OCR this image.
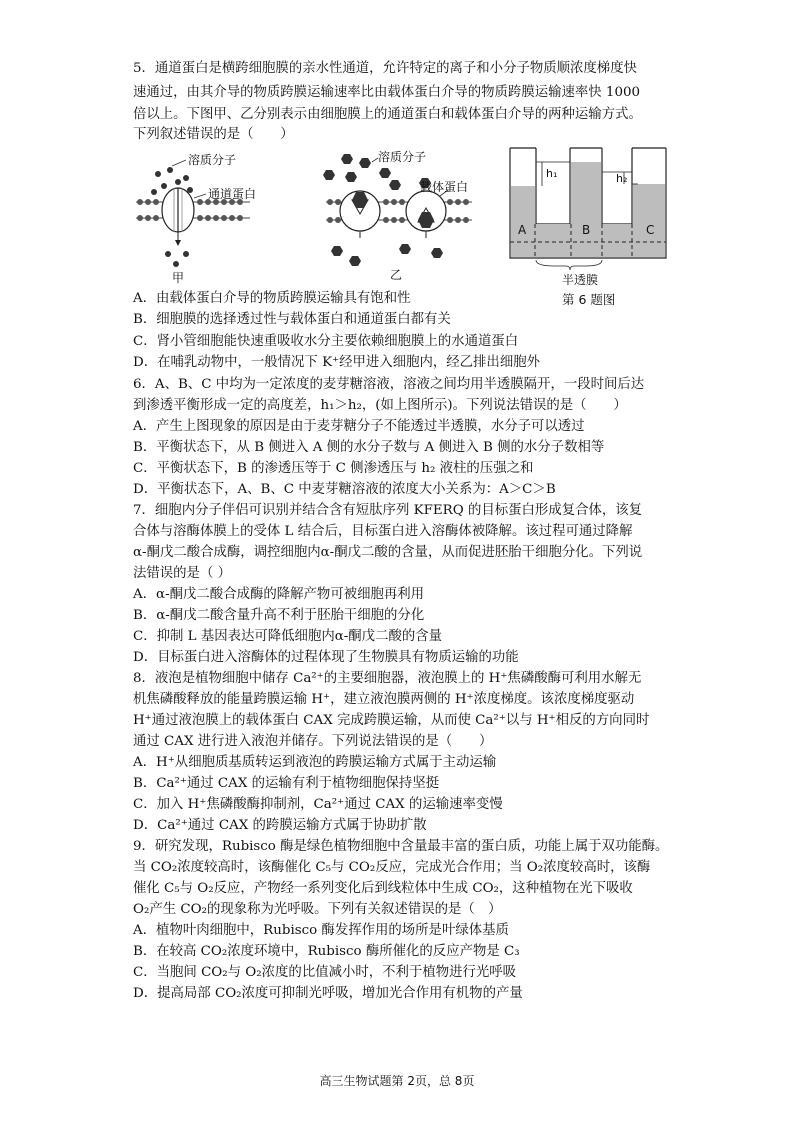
5．通道蛋白是横跨细胞膜的亲水性通道，允许特定的离子和小分子物质顺浓度梯度快
速通过，由其介导的物质跨膜运输速率比由载体蛋白介导的物质跨膜运输速率快 1000
倍以上。下图甲、乙分别表示由细胞膜上的通道蛋白和载体蛋白介导的两种运输方式。
下列叙述错误的是（　　）
溶质分子
通道蛋白
甲
溶质分子
载体蛋白
乙
h₁	h₂
A	B	C
半透膜
第 6 题图
A．由载体蛋白介导的物质跨膜运输具有饱和性
B．细胞膜的选择透过性与载体蛋白和通道蛋白都有关
C．肾小管细胞能快速重吸收水分主要依赖细胞膜上的水通道蛋白
D．在哺乳动物中，一般情况下 K⁺经甲进入细胞内，经乙排出细胞外
6．A、B、C 中均为一定浓度的麦芽糖溶液，溶液之间均用半透膜隔开，一段时间后达
到渗透平衡形成一定的高度差，h₁＞h₂，(如上图所示)。下列说法错误的是（　　）
A．产生上图现象的原因是由于麦芽糖分子不能透过半透膜，水分子可以透过
B．平衡状态下，从 B 侧进入 A 侧的水分子数与 A 侧进入 B 侧的水分子数相等
C．平衡状态下，B 的渗透压等于 C 侧渗透压与 h₂ 液柱的压强之和
D．平衡状态下，A、B、C 中麦芽糖溶液的浓度大小关系为：A＞C＞B
7．细胞内分子伴侣可识别并结合含有短肽序列 KFERQ 的目标蛋白形成复合体，该复
合体与溶酶体膜上的受体 L 结合后，目标蛋白进入溶酶体被降解。该过程可通过降解
α-酮戊二酸合成酶，调控细胞内α-酮戊二酸的含量，从而促进胚胎干细胞分化。下列说
法错误的是（ ）
A．α-酮戊二酸合成酶的降解产物可被细胞再利用
B．α-酮戊二酸含量升高不利于胚胎干细胞的分化
C．抑制 L 基因表达可降低细胞内α-酮戊二酸的含量
D．目标蛋白进入溶酶体的过程体现了生物膜具有物质运输的功能
8．液泡是植物细胞中储存 Ca²⁺的主要细胞器，液泡膜上的 H⁺焦磷酸酶可利用水解无
机焦磷酸释放的能量跨膜运输 H⁺，建立液泡膜两侧的 H⁺浓度梯度。该浓度梯度驱动
H⁺通过液泡膜上的载体蛋白 CAX 完成跨膜运输，从而使 Ca²⁺以与 H⁺相反的方向同时
通过 CAX 进行进入液泡并储存。下列说法错误的是（　　）
A．H⁺从细胞质基质转运到液泡的跨膜运输方式属于主动运输
B．Ca²⁺通过 CAX 的运输有利于植物细胞保持坚挺
C．加入 H⁺焦磷酸酶抑制剂，Ca²⁺通过 CAX 的运输速率变慢
D．Ca²⁺通过 CAX 的跨膜运输方式属于协助扩散
9．研究发现，Rubisco 酶是绿色植物细胞中含量最丰富的蛋白质，功能上属于双功能酶。
当 CO₂浓度较高时，该酶催化 C₅与 CO₂反应，完成光合作用；当 O₂浓度较高时，该酶
催化 C₅与 O₂反应，产物经一系列变化后到线粒体中生成 CO₂，这种植物在光下吸收
O₂产生 CO₂的现象称为光呼吸。下列有关叙述错误的是（　）
A．植物叶肉细胞中，Rubisco 酶发挥作用的场所是叶绿体基质
B．在较高 CO₂浓度环境中，Rubisco 酶所催化的反应产物是 C₃
C．当胞间 CO₂与 O₂浓度的比值减小时，不利于植物进行光呼吸
D．提高局部 CO₂浓度可抑制光呼吸，增加光合作用有机物的产量
高三生物试题第 2页，总 8页
